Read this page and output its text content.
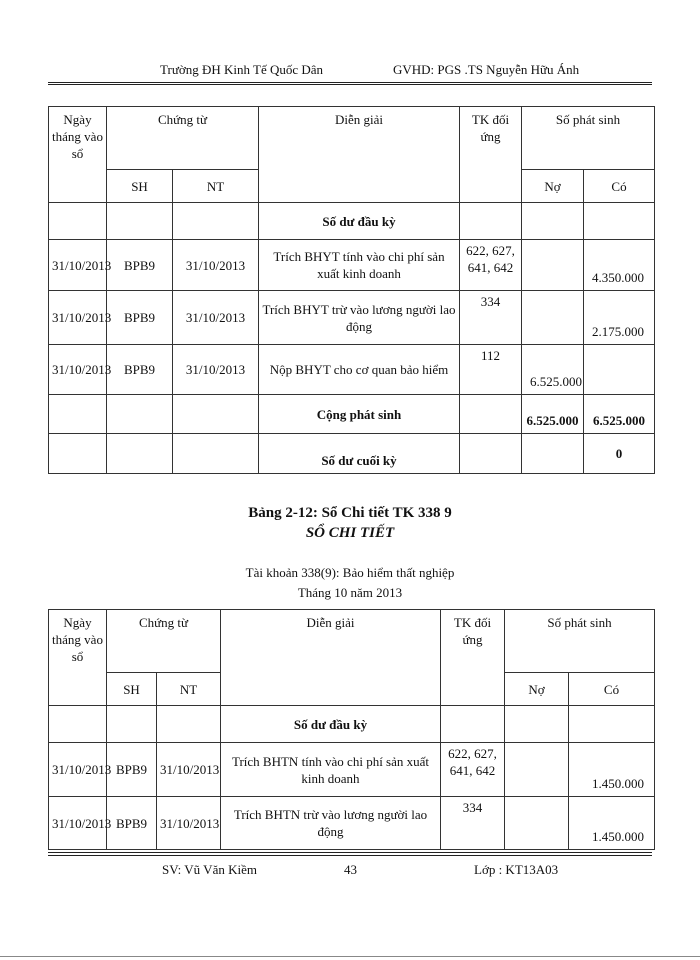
Trường ĐH Kinh Tế Quốc Dân	GVHD: PGS .TS Nguyễn Hữu Ánh
Ngày tháng vào sổ	Chứng từ		Diễn giải	TK đối ứng	Số phát sinh	
	SH	NT			Nợ	Có
			Số dư đầu kỳ			
31/10/2013	BPB9	31/10/2013	Trích BHYT tính vào chi phí sản xuất kinh doanh	622, 627, 641, 642		4.350.000
31/10/2013	BPB9	31/10/2013	Trích BHYT trừ vào lương người lao động	334		2.175.000
31/10/2013	BPB9	31/10/2013	Nộp BHYT cho cơ quan bảo hiểm	112	6.525.000	
			Cộng phát sinh		6.525.000	6.525.000
			Số dư cuối kỳ			0
Bảng 2-12: Sổ Chi tiết TK 338 9
SỔ CHI TIẾT
Tài khoản 338(9): Bảo hiểm thất nghiệp
Tháng 10 năm 2013
Ngày tháng vào sổ	Chứng từ		Diễn giải	TK đối ứng	Số phát sinh	
	SH	NT			Nợ	Có
			Số dư đầu kỳ			
31/10/2013	BPB9	31/10/2013	Trích BHTN tính vào chi phí sản xuất kinh doanh	622, 627, 641, 642		1.450.000
31/10/2013	BPB9	31/10/2013	Trích BHTN trừ vào lương người lao động	334		1.450.000
SV: Vũ Văn Kiềm	43	Lớp : KT13A03
